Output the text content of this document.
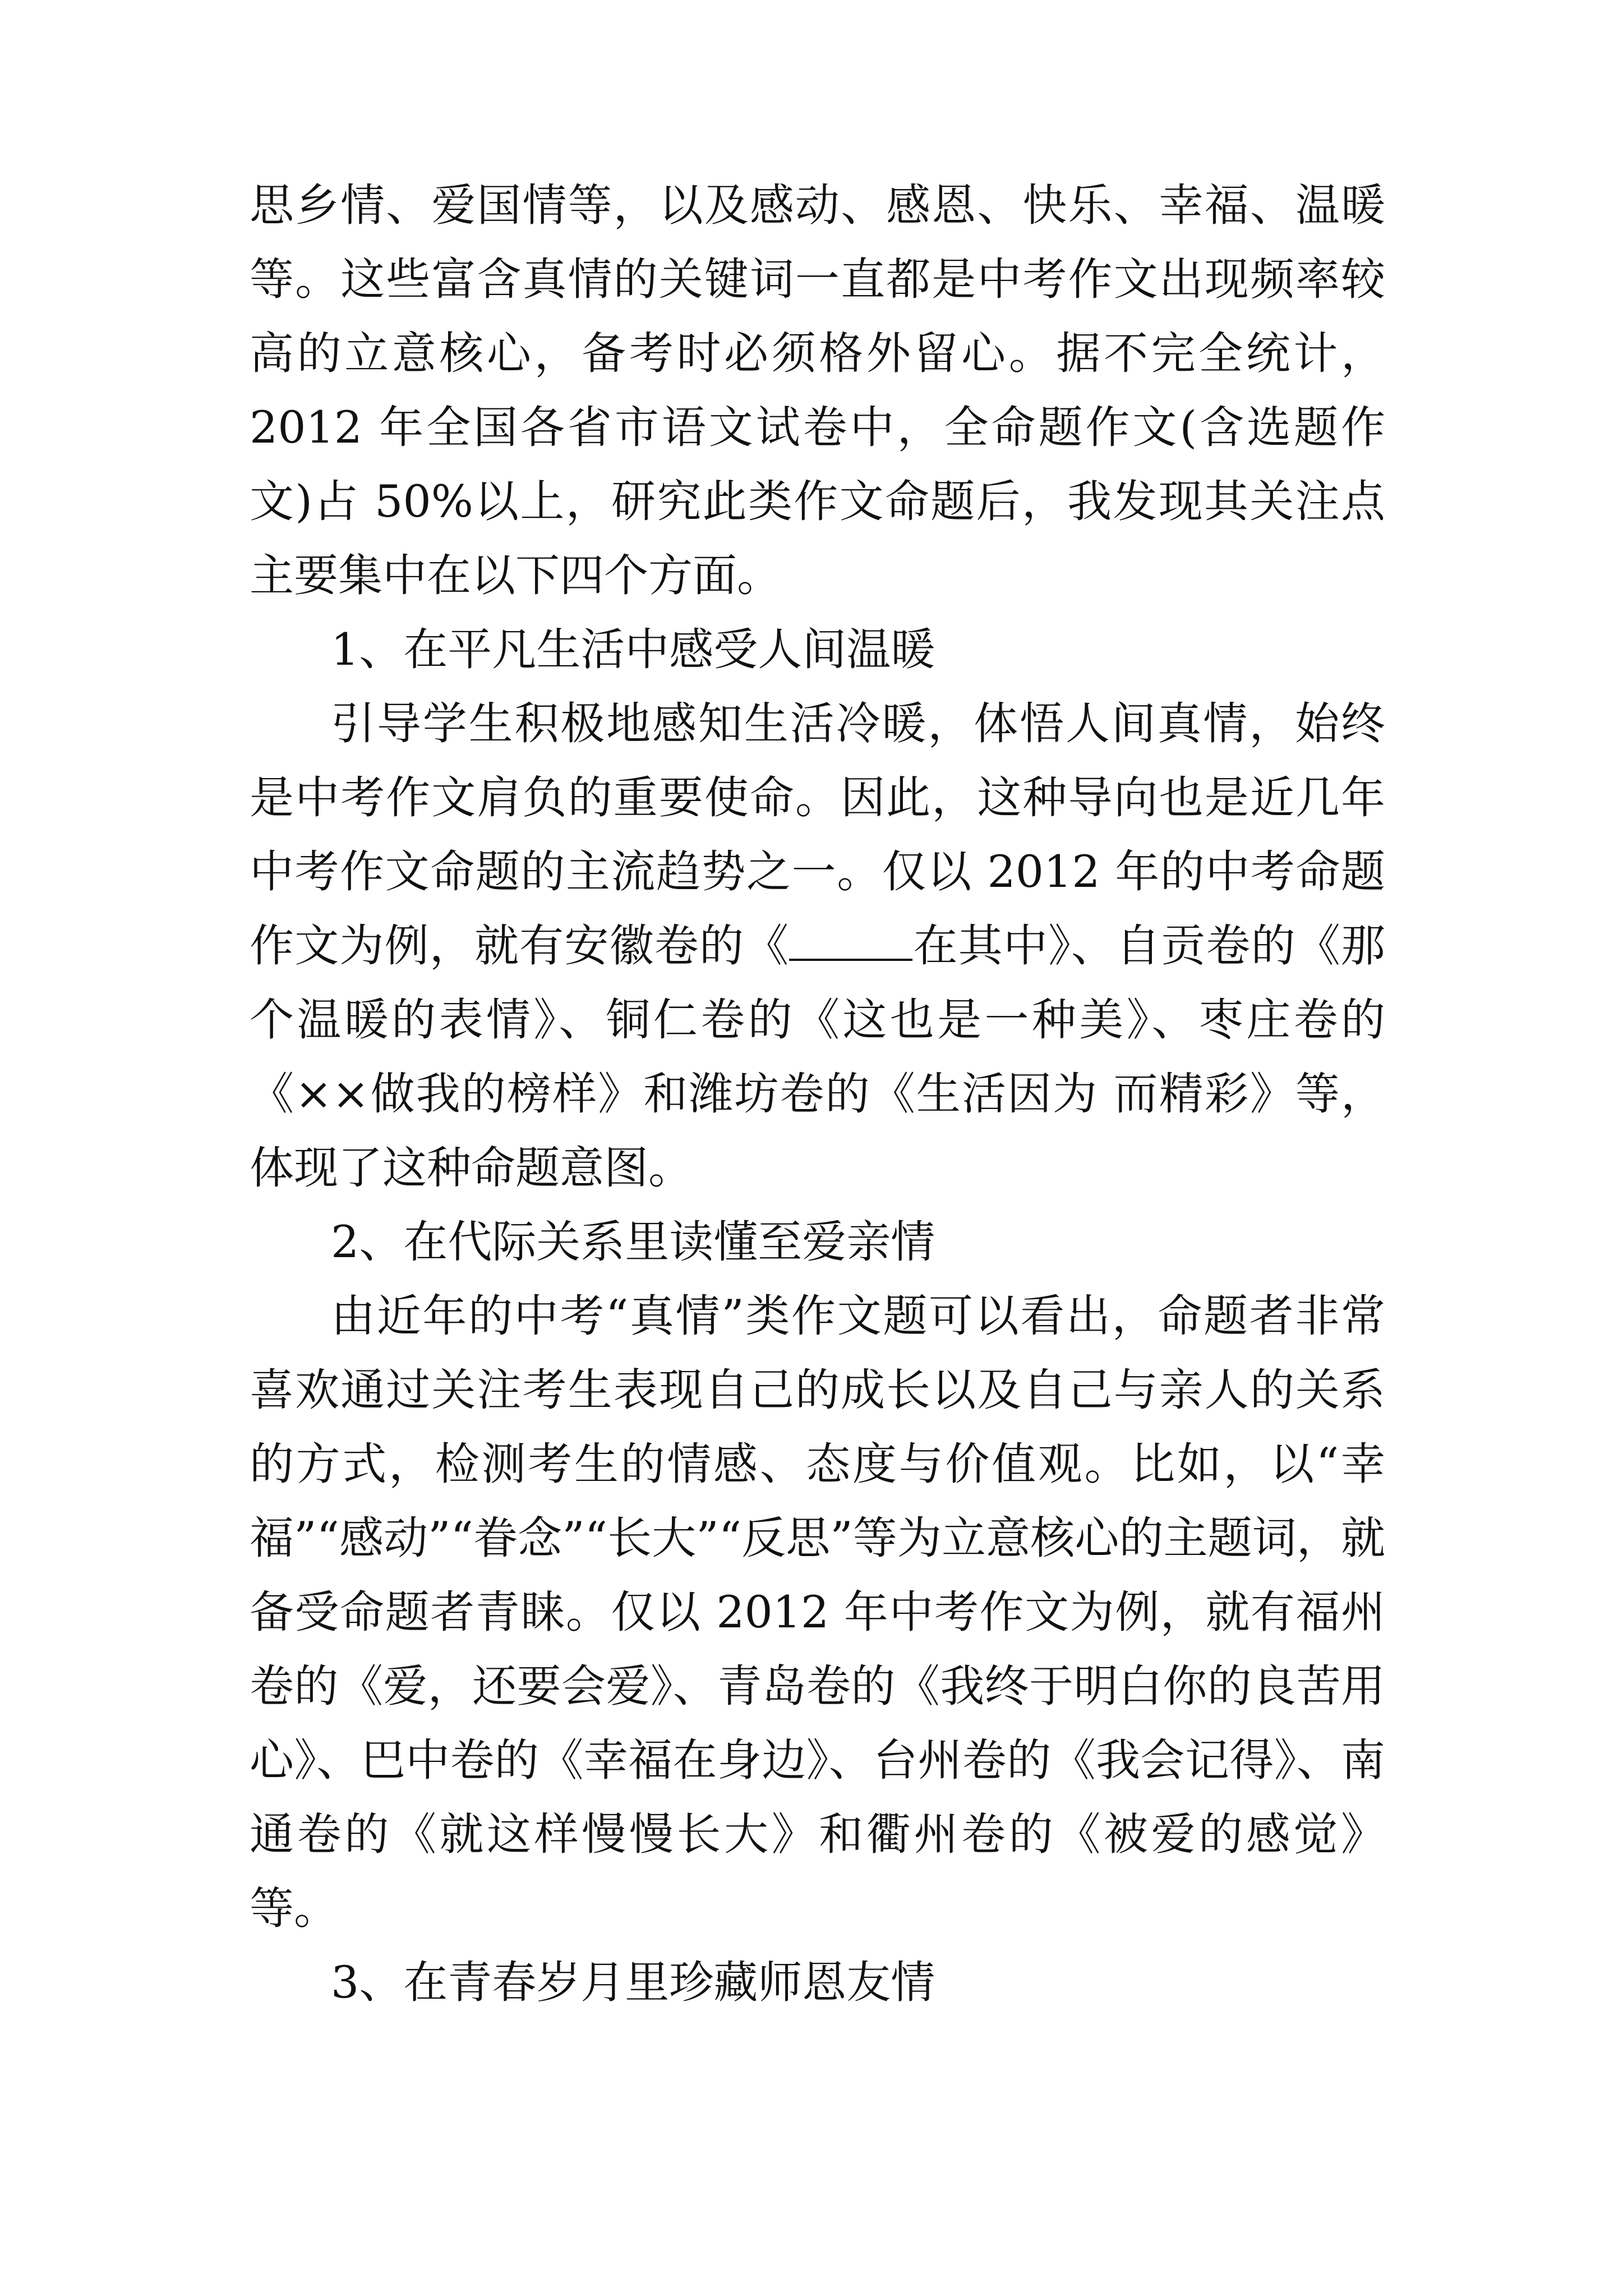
思乡情、爱国情等，以及感动、感恩、快乐、幸福、温暖等。这些富含真情的关键词一直都是中考作文出现频率较高的立意核心，备考时必须格外留心。据不完全统计，2012 年全国各省市语文试卷中，全命题作文(含选题作文)占 50%以上，研究此类作文命题后，我发现其关注点主要集中在以下四个方面。

1、在平凡生活中感受人间温暖

引导学生积极地感知生活冷暖，体悟人间真情，始终是中考作文肩负的重要使命。因此，这种导向也是近几年中考作文命题的主流趋势之一。仅以 2012 年的中考命题作文为例，就有安徽卷的《	在其中》、自贡卷的《那个温暖的表情》、铜仁卷的《这也是一种美》、枣庄卷的《××做我的榜样》和潍坊卷的《生活因为 而精彩》等，体现了这种命题意图。

2、在代际关系里读懂至爱亲情

由近年的中考“真情”类作文题可以看出，命题者非常喜欢通过关注考生表现自己的成长以及自己与亲人的关系的方式，检测考生的情感、态度与价值观。比如，以“幸福”“感动”“眷念”“长大”“反思”等为立意核心的主题词，就备受命题者青睐。仅以 2012 年中考作文为例，就有福州卷的《爱，还要会爱》、青岛卷的《我终于明白你的良苦用心》、巴中卷的《幸福在身边》、台州卷的《我会记得》、南通卷的《就这样慢慢长大》和衢州卷的《被爱的感觉》等。

3、在青春岁月里珍藏师恩友情
